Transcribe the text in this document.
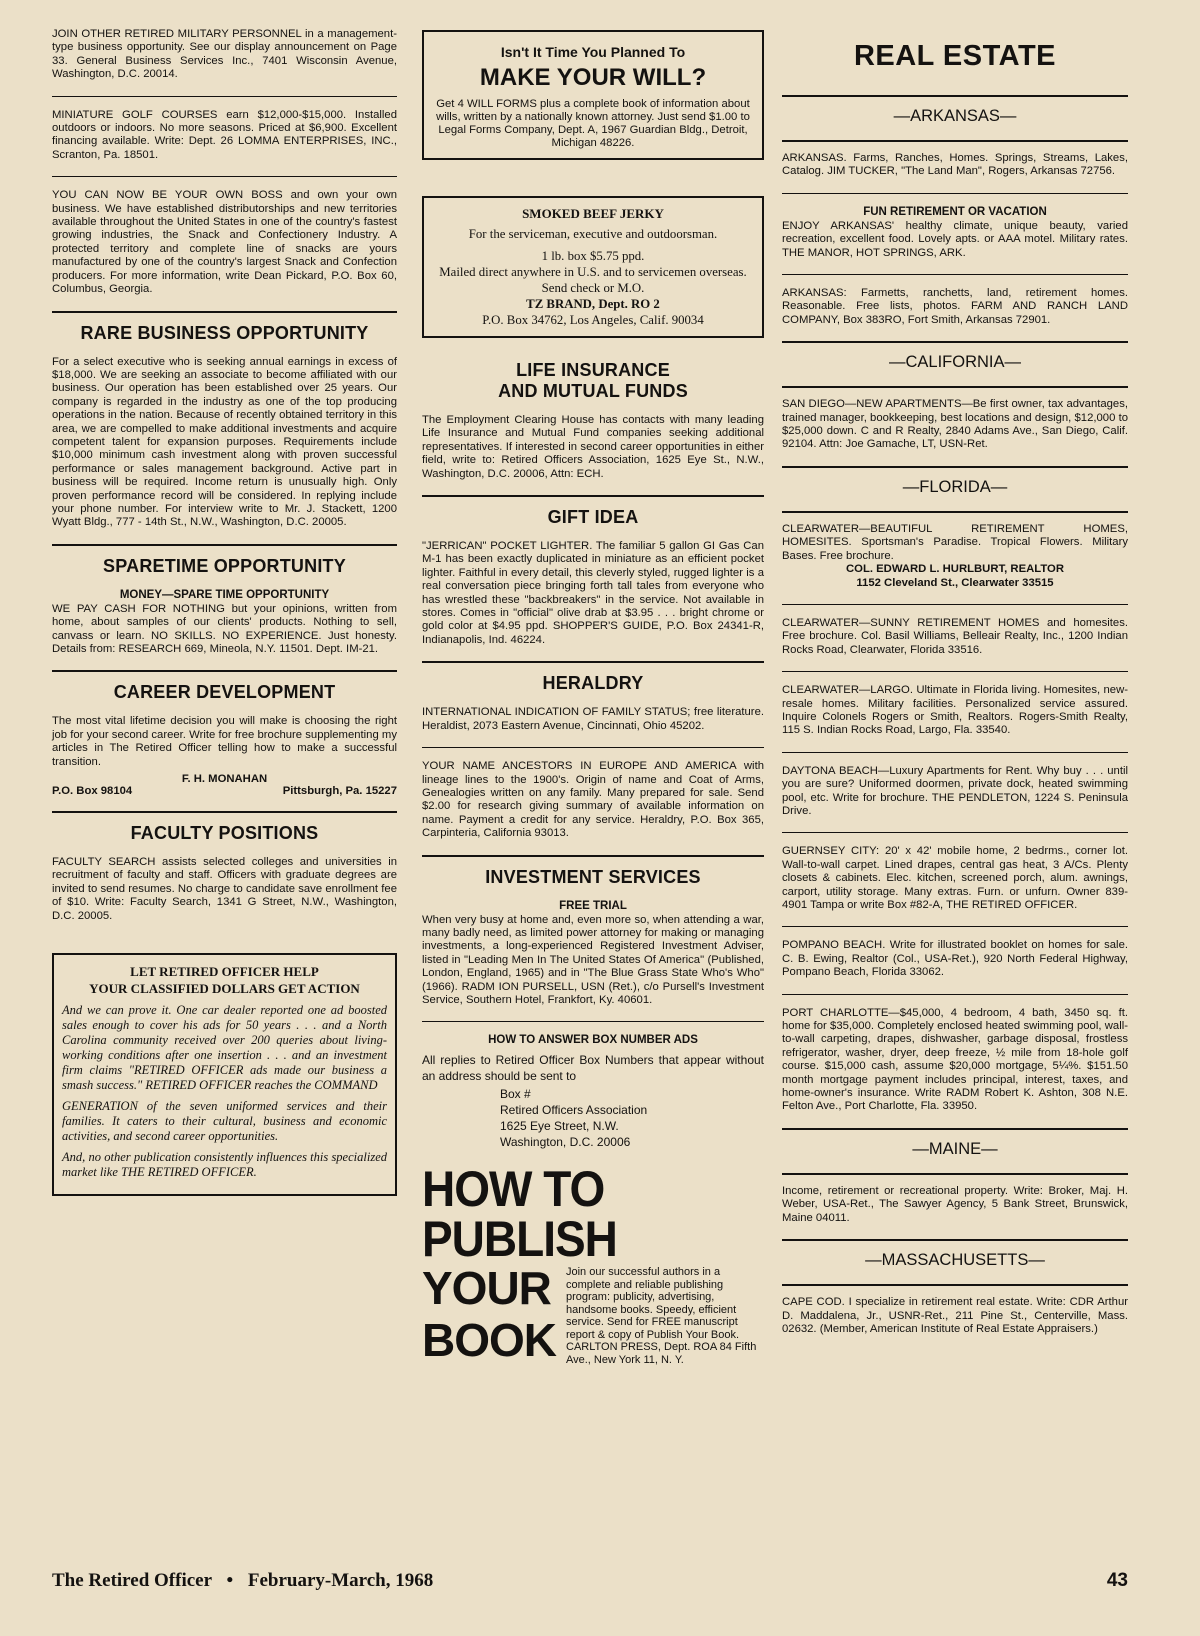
JOIN OTHER RETIRED MILITARY PERSONNEL in a management-type business opportunity. See our display announcement on Page 33. General Business Services Inc., 7401 Wisconsin Avenue, Washington, D.C. 20014.

MINIATURE GOLF COURSES earn $12,000-$15,000. Installed outdoors or indoors. No more seasons. Priced at $6,900. Excellent financing available. Write: Dept. 26 LOMMA ENTERPRISES, INC., Scranton, Pa. 18501.

YOU CAN NOW BE YOUR OWN BOSS and own your own business. We have established distributorships and new territories available throughout the United States in one of the country's fastest growing industries, the Snack and Confectionery Industry. A protected territory and complete line of snacks are yours manufactured by one of the country's largest Snack and Confection producers. For more information, write Dean Pickard, P.O. Box 60, Columbus, Georgia.

RARE BUSINESS OPPORTUNITY

For a select executive who is seeking annual earnings in excess of $18,000. We are seeking an associate to become affiliated with our business. Our operation has been established over 25 years. Our company is regarded in the industry as one of the top producing operations in the nation. Because of recently obtained territory in this area, we are compelled to make additional investments and acquire competent talent for expansion purposes. Requirements include $10,000 minimum cash investment along with proven successful performance or sales management background. Active part in business will be required. Income return is unusually high. Only proven performance record will be considered. In replying include your phone number. For interview write to Mr. J. Stackett, 1200 Wyatt Bldg., 777 - 14th St., N.W., Washington, D.C. 20005.

SPARETIME OPPORTUNITY
MONEY—SPARE TIME OPPORTUNITY

WE PAY CASH FOR NOTHING but your opinions, written from home, about samples of our clients' products. Nothing to sell, canvass or learn. NO SKILLS. NO EXPERIENCE. Just honesty. Details from: RESEARCH 669, Mineola, N.Y. 11501. Dept. IM-21.

CAREER DEVELOPMENT

The most vital lifetime decision you will make is choosing the right job for your second career. Write for free brochure supplementing my articles in The Retired Officer telling how to make a successful transition.

F. H. MONAHAN
P.O. Box 98104	Pittsburgh, Pa. 15227
FACULTY POSITIONS

FACULTY SEARCH assists selected colleges and universities in recruitment of faculty and staff. Officers with graduate degrees are invited to send resumes. No charge to candidate save enrollment fee of $10. Write: Faculty Search, 1341 G Street, N.W., Washington, D.C. 20005.

LET RETIRED OFFICER HELP
YOUR CLASSIFIED DOLLARS GET ACTION

And we can prove it. One car dealer reported one ad boosted sales enough to cover his ads for 50 years . . . and a North Carolina community received over 200 queries about living-working conditions after one insertion . . . and an investment firm claims "RETIRED OFFICER ads made our business a smash success." RETIRED OFFICER reaches the COMMAND

GENERATION of the seven uniformed services and their families. It caters to their cultural, business and economic activities, and second career opportunities.

And, no other publication consistently influences this specialized market like THE RETIRED OFFICER.

Isn't It Time You Planned To
MAKE YOUR WILL?
Get 4 WILL FORMS plus a complete book of information about wills, written by a nationally known attorney. Just send $1.00 to Legal Forms Company, Dept. A, 1967 Guardian Bldg., Detroit, Michigan 48226.
SMOKED BEEF JERKY
For the serviceman, executive and outdoorsman.
1 lb. box $5.75 ppd.
Mailed direct anywhere in U.S. and to servicemen overseas. Send check or M.O.
TZ BRAND, Dept. RO 2
P.O. Box 34762, Los Angeles, Calif. 90034
LIFE INSURANCE
AND MUTUAL FUNDS

The Employment Clearing House has contacts with many leading Life Insurance and Mutual Fund companies seeking additional representatives. If interested in second career opportunities in either field, write to: Retired Officers Association, 1625 Eye St., N.W., Washington, D.C. 20006, Attn: ECH.

GIFT IDEA

"JERRICAN" POCKET LIGHTER. The familiar 5 gallon GI Gas Can M-1 has been exactly duplicated in miniature as an efficient pocket lighter. Faithful in every detail, this cleverly styled, rugged lighter is a real conversation piece bringing forth tall tales from everyone who has wrestled these "backbreakers" in the service. Not available in stores. Comes in "official" olive drab at $3.95 . . . bright chrome or gold color at $4.95 ppd. SHOPPER'S GUIDE, P.O. Box 24341-R, Indianapolis, Ind. 46224.

HERALDRY

INTERNATIONAL INDICATION OF FAMILY STATUS; free literature. Heraldist, 2073 Eastern Avenue, Cincinnati, Ohio 45202.

YOUR NAME ANCESTORS IN EUROPE AND AMERICA with lineage lines to the 1900's. Origin of name and Coat of Arms, Genealogies written on any family. Many prepared for sale. Send $2.00 for research giving summary of available information on name. Payment a credit for any service. Heraldry, P.O. Box 365, Carpinteria, California 93013.

INVESTMENT SERVICES
FREE TRIAL

When very busy at home and, even more so, when attending a war, many badly need, as limited power attorney for making or managing investments, a long-experienced Registered Investment Adviser, listed in "Leading Men In The United States Of America" (Published, London, England, 1965) and in "The Blue Grass State Who's Who" (1966). RADM ION PURSELL, USN (Ret.), c/o Pursell's Investment Service, Southern Hotel, Frankfort, Ky. 40601.

HOW TO ANSWER BOX NUMBER ADS

All replies to Retired Officer Box Numbers that appear without an address should be sent to

Box #
Retired Officers Association
1625 Eye Street, N.W.
Washington, D.C. 20006
HOW TO PUBLISH
YOUR
BOOK
Join our successful authors in a complete and reliable publishing program: publicity, advertising, handsome books. Speedy, efficient service. Send for FREE manuscript report & copy of Publish Your Book. CARLTON PRESS, Dept. ROA 84 Fifth Ave., New York 11, N. Y.
REAL ESTATE
—ARKANSAS—

ARKANSAS. Farms, Ranches, Homes. Springs, Streams, Lakes, Catalog. JIM TUCKER, "The Land Man", Rogers, Arkansas 72756.

FUN RETIREMENT OR VACATION

ENJOY ARKANSAS' healthy climate, unique beauty, varied recreation, excellent food. Lovely apts. or AAA motel. Military rates. THE MANOR, HOT SPRINGS, ARK.

ARKANSAS: Farmetts, ranchetts, land, retirement homes. Reasonable. Free lists, photos. FARM AND RANCH LAND COMPANY, Box 383RO, Fort Smith, Arkansas 72901.

—CALIFORNIA—

SAN DIEGO—NEW APARTMENTS—Be first owner, tax advantages, trained manager, bookkeeping, best locations and design, $12,000 to $25,000 down. C and R Realty, 2840 Adams Ave., San Diego, Calif. 92104. Attn: Joe Gamache, LT, USN-Ret.

—FLORIDA—

CLEARWATER—BEAUTIFUL RETIREMENT HOMES, HOMESITES. Sportsman's Paradise. Tropical Flowers. Military Bases. Free brochure.

COL. EDWARD L. HURLBURT, REALTOR
1152 Cleveland St., Clearwater 33515

CLEARWATER—SUNNY RETIREMENT HOMES and homesites. Free brochure. Col. Basil Williams, Belleair Realty, Inc., 1200 Indian Rocks Road, Clearwater, Florida 33516.

CLEARWATER—LARGO. Ultimate in Florida living. Homesites, new-resale homes. Military facilities. Personalized service assured. Inquire Colonels Rogers or Smith, Realtors. Rogers-Smith Realty, 115 S. Indian Rocks Road, Largo, Fla. 33540.

DAYTONA BEACH—Luxury Apartments for Rent. Why buy . . . until you are sure? Uniformed doormen, private dock, heated swimming pool, etc. Write for brochure. THE PENDLETON, 1224 S. Peninsula Drive.

GUERNSEY CITY: 20' x 42' mobile home, 2 bedrms., corner lot. Wall-to-wall carpet. Lined drapes, central gas heat, 3 A/Cs. Plenty closets & cabinets. Elec. kitchen, screened porch, alum. awnings, carport, utility storage. Many extras. Furn. or unfurn. Owner 839-4901 Tampa or write Box #82-A, THE RETIRED OFFICER.

POMPANO BEACH. Write for illustrated booklet on homes for sale. C. B. Ewing, Realtor (Col., USA-Ret.), 920 North Federal Highway, Pompano Beach, Florida 33062.

PORT CHARLOTTE—$45,000, 4 bedroom, 4 bath, 3450 sq. ft. home for $35,000. Completely enclosed heated swimming pool, wall-to-wall carpeting, drapes, dishwasher, garbage disposal, frostless refrigerator, washer, dryer, deep freeze, ½ mile from 18-hole golf course. $15,000 cash, assume $20,000 mortgage, 5¼%. $151.50 month mortgage payment includes principal, interest, taxes, and home-owner's insurance. Write RADM Robert K. Ashton, 308 N.E. Felton Ave., Port Charlotte, Fla. 33950.

—MAINE—

Income, retirement or recreational property. Write: Broker, Maj. H. Weber, USA-Ret., The Sawyer Agency, 5 Bank Street, Brunswick, Maine 04011.

—MASSACHUSETTS—

CAPE COD. I specialize in retirement real estate. Write: CDR Arthur D. Maddalena, Jr., USNR-Ret., 211 Pine St., Centerville, Mass. 02632. (Member, American Institute of Real Estate Appraisers.)

The Retired Officer • February-March, 1968	43
